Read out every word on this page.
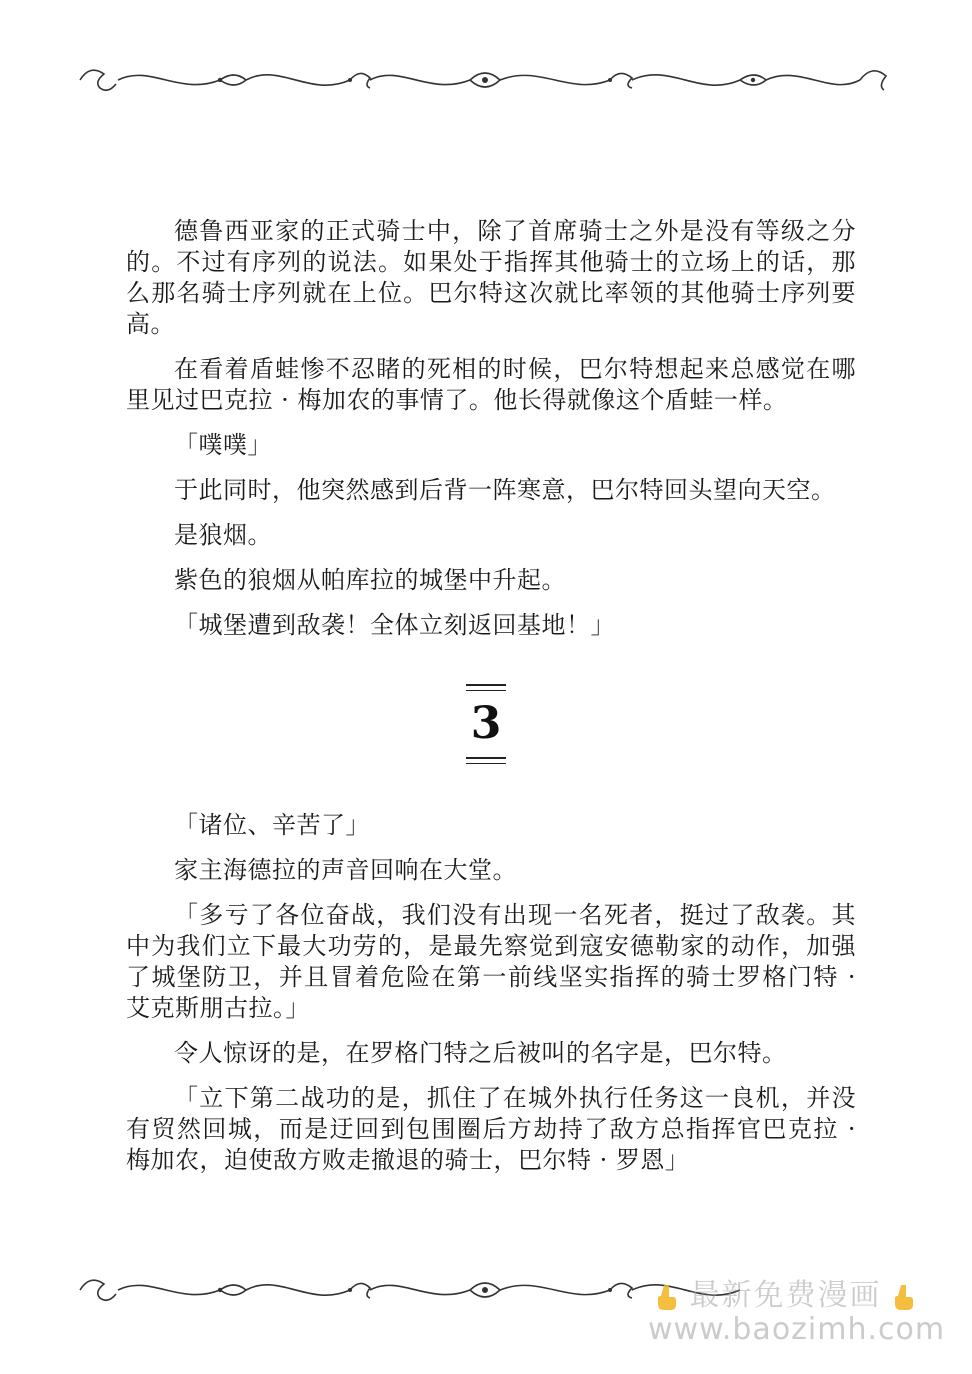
德鲁西亚家的正式骑士中，除了首席骑士之外是没有等级之分的。不过有序列的说法。如果处于指挥其他骑士的立场上的话，那么那名骑士序列就在上位。巴尔特这次就比率领的其他骑士序列要高。

在看着盾蛙惨不忍睹的死相的时候，巴尔特想起来总感觉在哪里见过巴克拉 · 梅加农的事情了。他长得就像这个盾蛙一样。

「噗噗」

于此同时，他突然感到后背一阵寒意，巴尔特回头望向天空。

是狼烟。

紫色的狼烟从帕库拉的城堡中升起。

「城堡遭到敌袭！全体立刻返回基地！」

3

「诸位、辛苦了」

家主海德拉的声音回响在大堂。

「多亏了各位奋战，我们没有出现一名死者，挺过了敌袭。其中为我们立下最大功劳的，是最先察觉到寇安德勒家的动作，加强了城堡防卫，并且冒着危险在第一前线坚实指挥的骑士罗格门特 · 艾克斯朋古拉。」

令人惊讶的是，在罗格门特之后被叫的名字是，巴尔特。

「立下第二战功的是，抓住了在城外执行任务这一良机，并没有贸然回城，而是迂回到包围圈后方劫持了敌方总指挥官巴克拉 · 梅加农，迫使敌方败走撤退的骑士，巴尔特 · 罗恩」

最新免费漫画
www.baozimh.com
